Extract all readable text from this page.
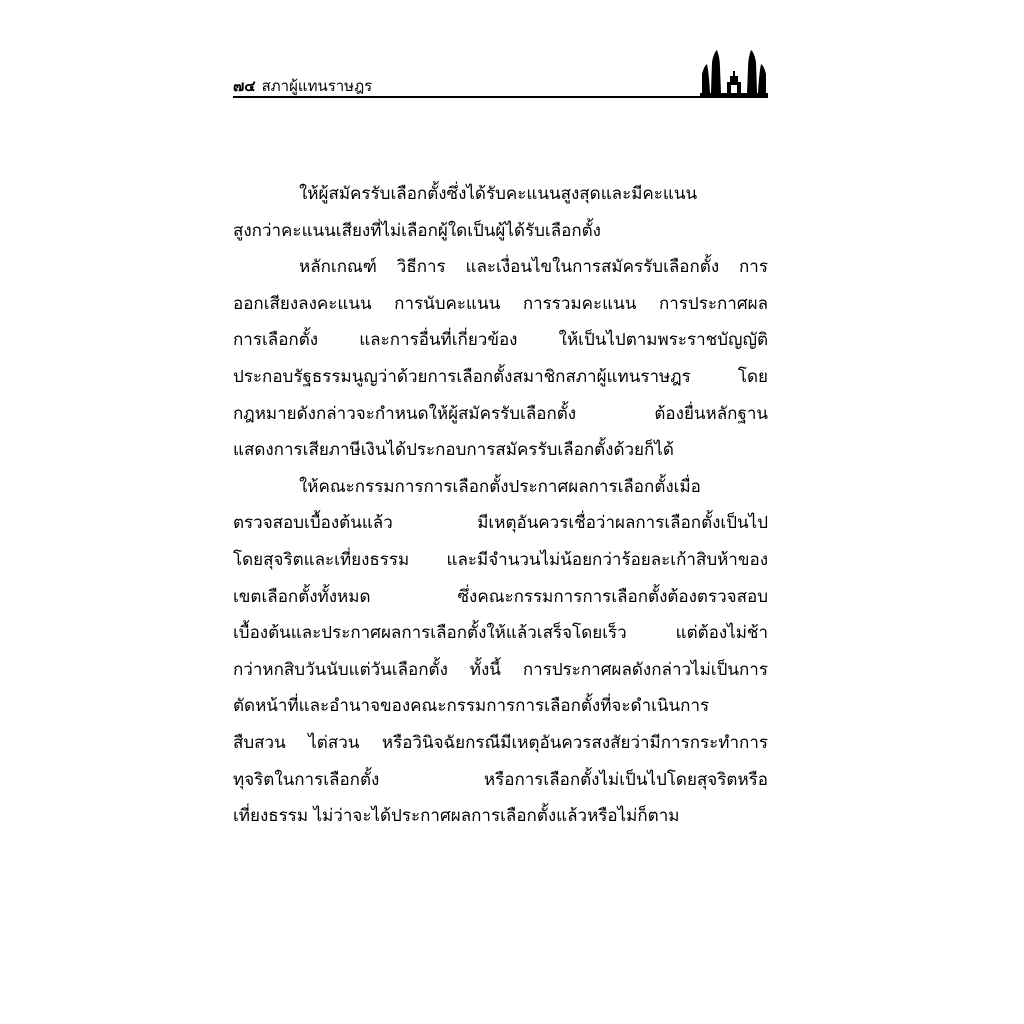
๗๔ สภาผู้แทนราษฎร
ให้ผู้สมัครรับเลือกตั้งซึ่งได้รับคะแนนสูงสุดและมีคะแนน
สูงกว่าคะแนนเสียงที่ไม่เลือกผู้ใดเป็นผู้ได้รับเลือกตั้ง
หลักเกณฑ์ วิธีการ และเงื่อนไขในการสมัครรับเลือกตั้ง การ
ออกเสียงลงคะแนน การนับคะแนน การรวมคะแนน การประกาศผล
การเลือกตั้ง และการอื่นที่เกี่ยวข้อง ให้เป็นไปตามพระราชบัญญัติ
ประกอบรัฐธรรมนูญว่าด้วยการเลือกตั้งสมาชิกสภาผู้แทนราษฎร โดย
กฎหมายดังกล่าวจะกำหนดให้ผู้สมัครรับเลือกตั้ง ต้องยื่นหลักฐาน
แสดงการเสียภาษีเงินได้ประกอบการสมัครรับเลือกตั้งด้วยก็ได้
ให้คณะกรรมการการเลือกตั้งประกาศผลการเลือกตั้งเมื่อ
ตรวจสอบเบื้องต้นแล้ว มีเหตุอันควรเชื่อว่าผลการเลือกตั้งเป็นไป
โดยสุจริตและเที่ยงธรรม และมีจำนวนไม่น้อยกว่าร้อยละเก้าสิบห้าของ
เขตเลือกตั้งทั้งหมด ซึ่งคณะกรรมการการเลือกตั้งต้องตรวจสอบ
เบื้องต้นและประกาศผลการเลือกตั้งให้แล้วเสร็จโดยเร็ว แต่ต้องไม่ช้า
กว่าหกสิบวันนับแต่วันเลือกตั้ง ทั้งนี้ การประกาศผลดังกล่าวไม่เป็นการ
ตัดหน้าที่และอำนาจของคณะกรรมการการเลือกตั้งที่จะดำเนินการ
สืบสวน ไต่สวน หรือวินิจฉัยกรณีมีเหตุอันควรสงสัยว่ามีการกระทำการ
ทุจริตในการเลือกตั้ง หรือการเลือกตั้งไม่เป็นไปโดยสุจริตหรือ
เที่ยงธรรม ไม่ว่าจะได้ประกาศผลการเลือกตั้งแล้วหรือไม่ก็ตาม
